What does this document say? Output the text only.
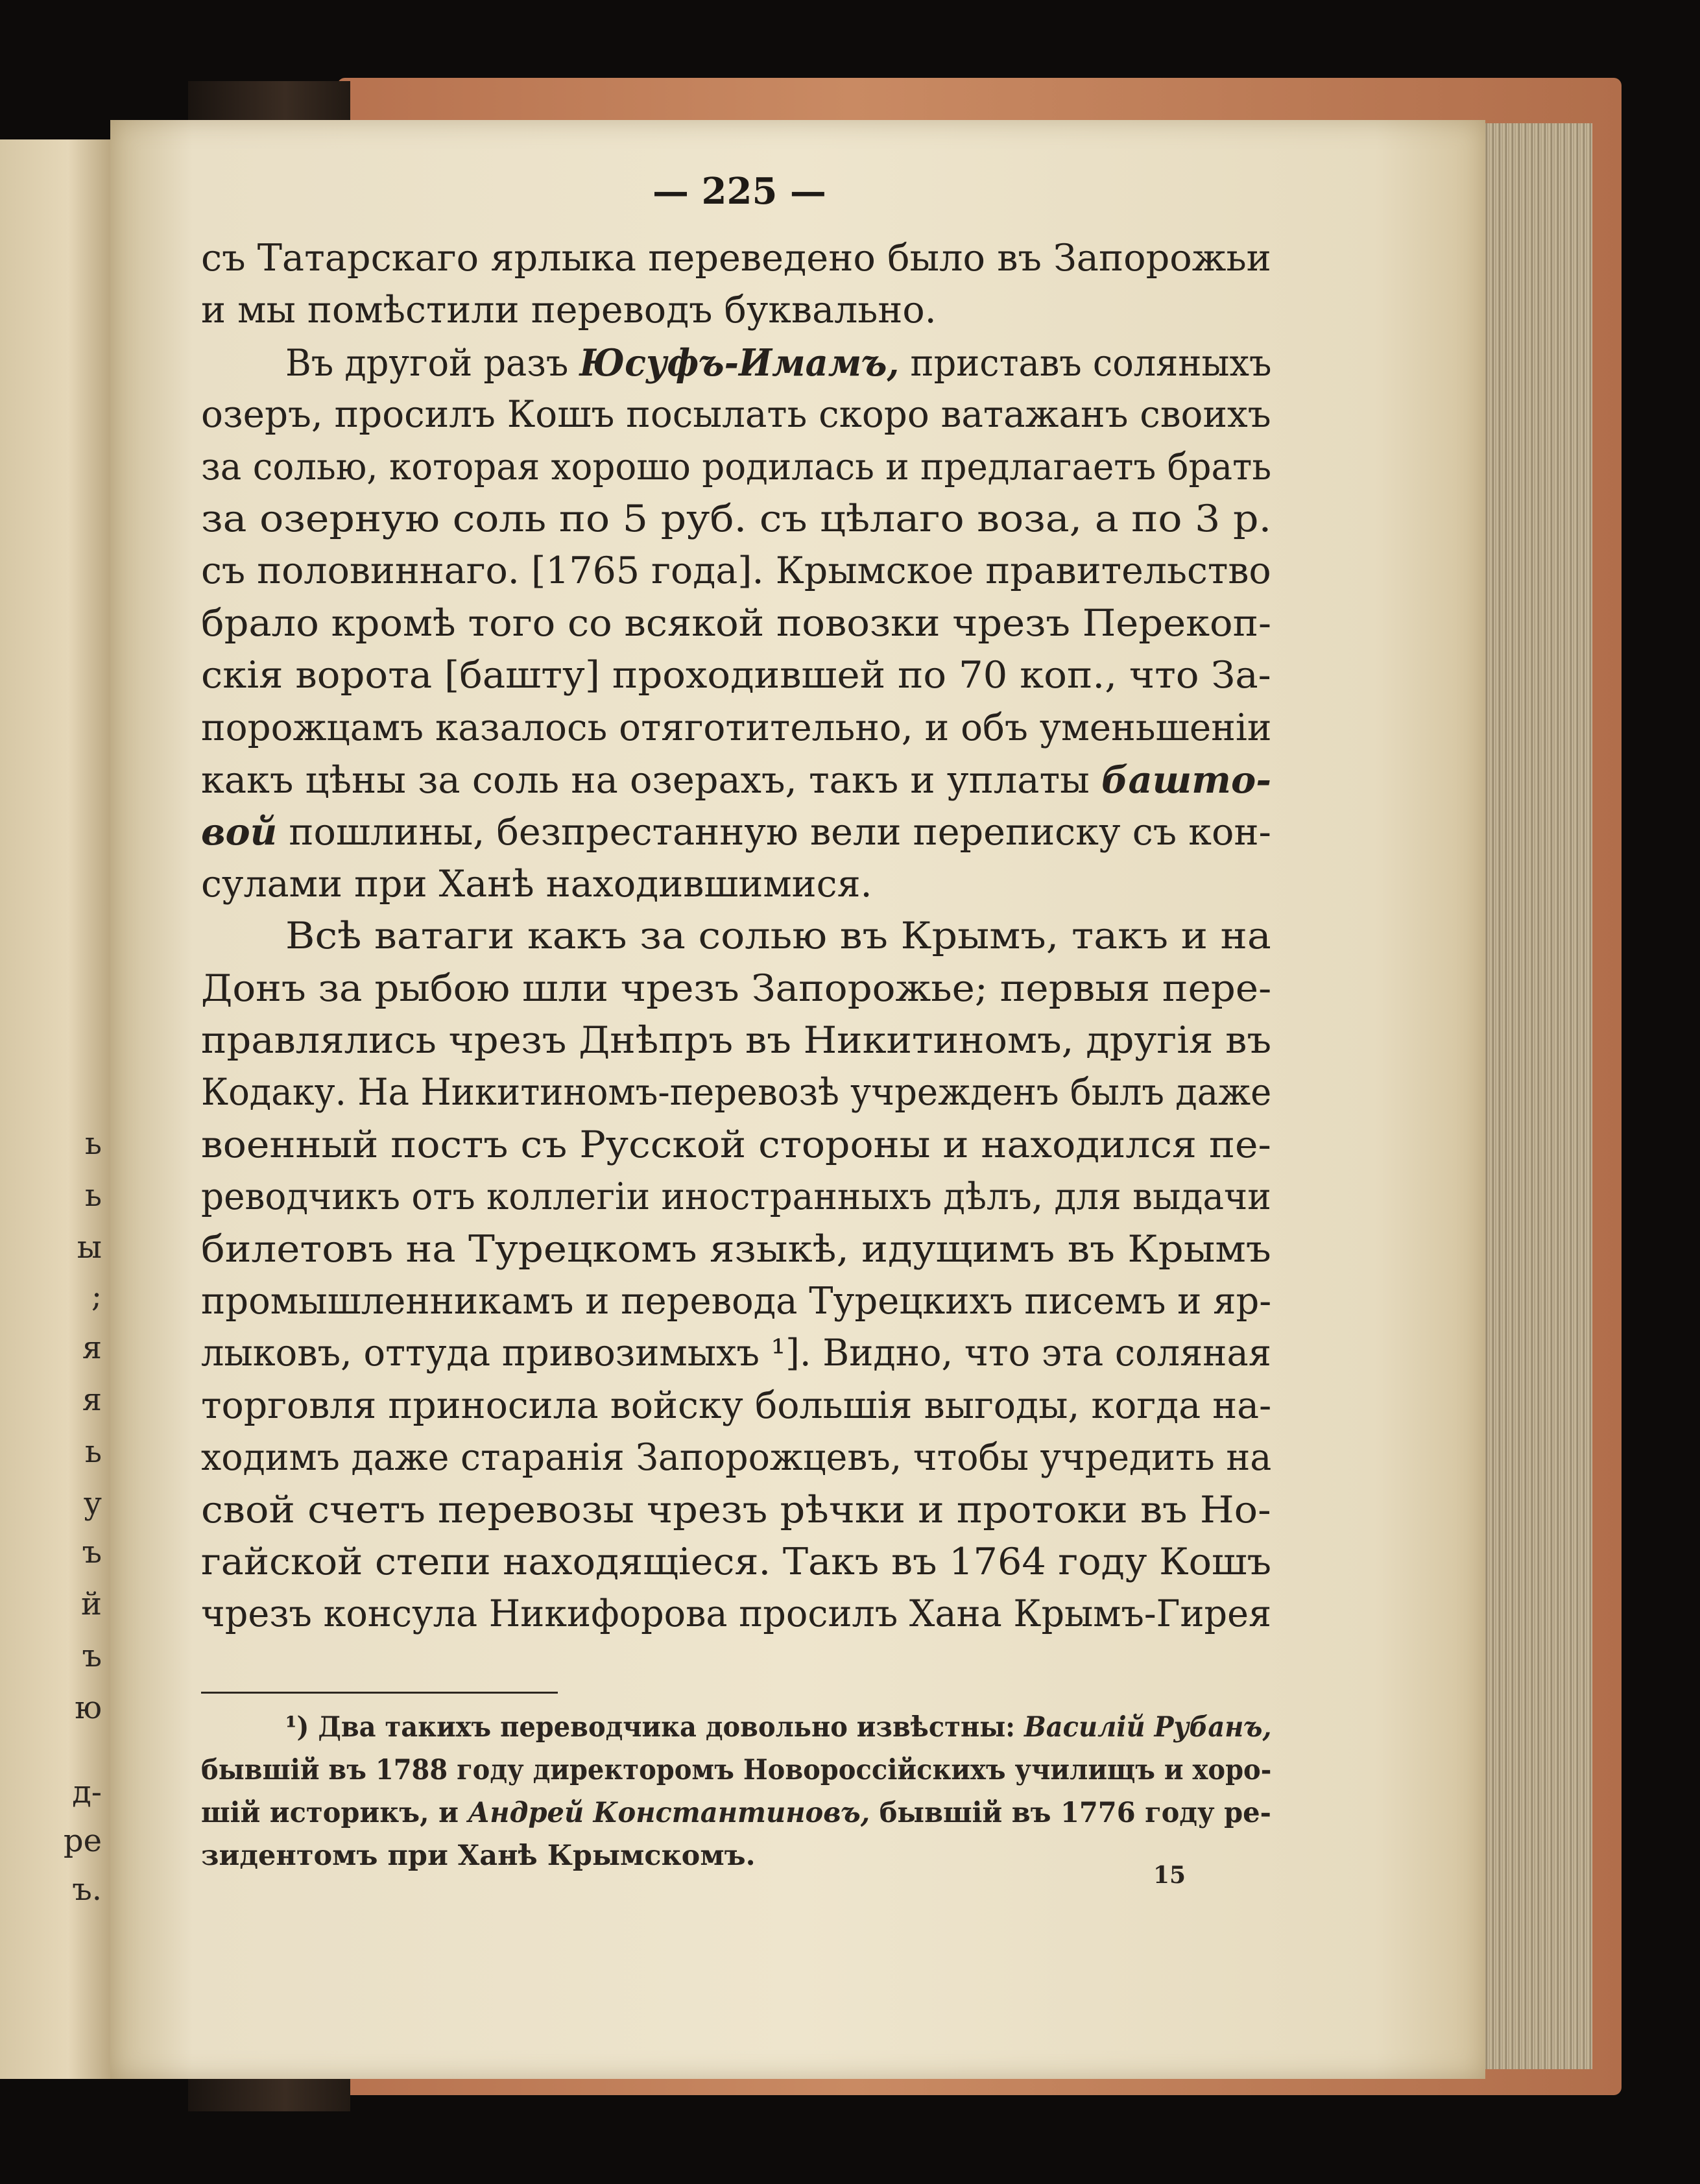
ь
ь
ы
;
я
я
ь
у
ъ
й
ъ
ю
д-
ре
ъ.
— 225 —
съ Татарскаго ярлыка переведено было въ Запорожьи
и мы помѣстили переводъ буквально.
Въ другой разъ Юсуфъ-Имамъ, приставъ соляныхъ
озеръ, просилъ Кошъ посылать скоро ватажанъ своихъ
за солью, которая хорошо родилась и предлагаетъ брать
за озерную соль по 5 руб. съ цѣлаго воза, а по 3 р.
съ половиннаго. [1765 года]. Крымское правительство
брало кромѣ того со всякой повозки чрезъ Перекоп-
скія ворота [башту] проходившей по 70 коп., что За-
порожцамъ казалось отяготительно, и объ уменьшеніи
какъ цѣны за соль на озерахъ, такъ и уплаты башто-
вой пошлины, безпрестанную вели переписку съ кон-
сулами при Ханѣ находившимися.
Всѣ ватаги какъ за солью въ Крымъ, такъ и на
Донъ за рыбою шли чрезъ Запорожье; первыя пере-
правлялись чрезъ Днѣпръ въ Никитиномъ, другія въ
Кодаку. На Никитиномъ-перевозѣ учрежденъ былъ даже
военный постъ съ Русской стороны и находился пе-
реводчикъ отъ коллегіи иностранныхъ дѣлъ, для выдачи
билетовъ на Турецкомъ языкѣ, идущимъ въ Крымъ
промышленникамъ и перевода Турецкихъ писемъ и яр-
лыковъ, оттуда привозимыхъ ¹]. Видно, что эта соляная
торговля приносила войску большія выгоды, когда на-
ходимъ даже старанія Запорожцевъ, чтобы учредить на
свой счетъ перевозы чрезъ рѣчки и протоки въ Но-
гайской степи находящіеся. Такъ въ 1764 году Кошъ
чрезъ консула Никифорова просилъ Хана Крымъ-Гирея
¹) Два такихъ переводчика довольно извѣстны: Василій Рубанъ,
бывшій въ 1788 году директоромъ Новороссійскихъ училищъ и хоро-
шій историкъ, и Андрей Константиновъ, бывшій въ 1776 году ре-
зидентомъ при Ханѣ Крымскомъ.
15
